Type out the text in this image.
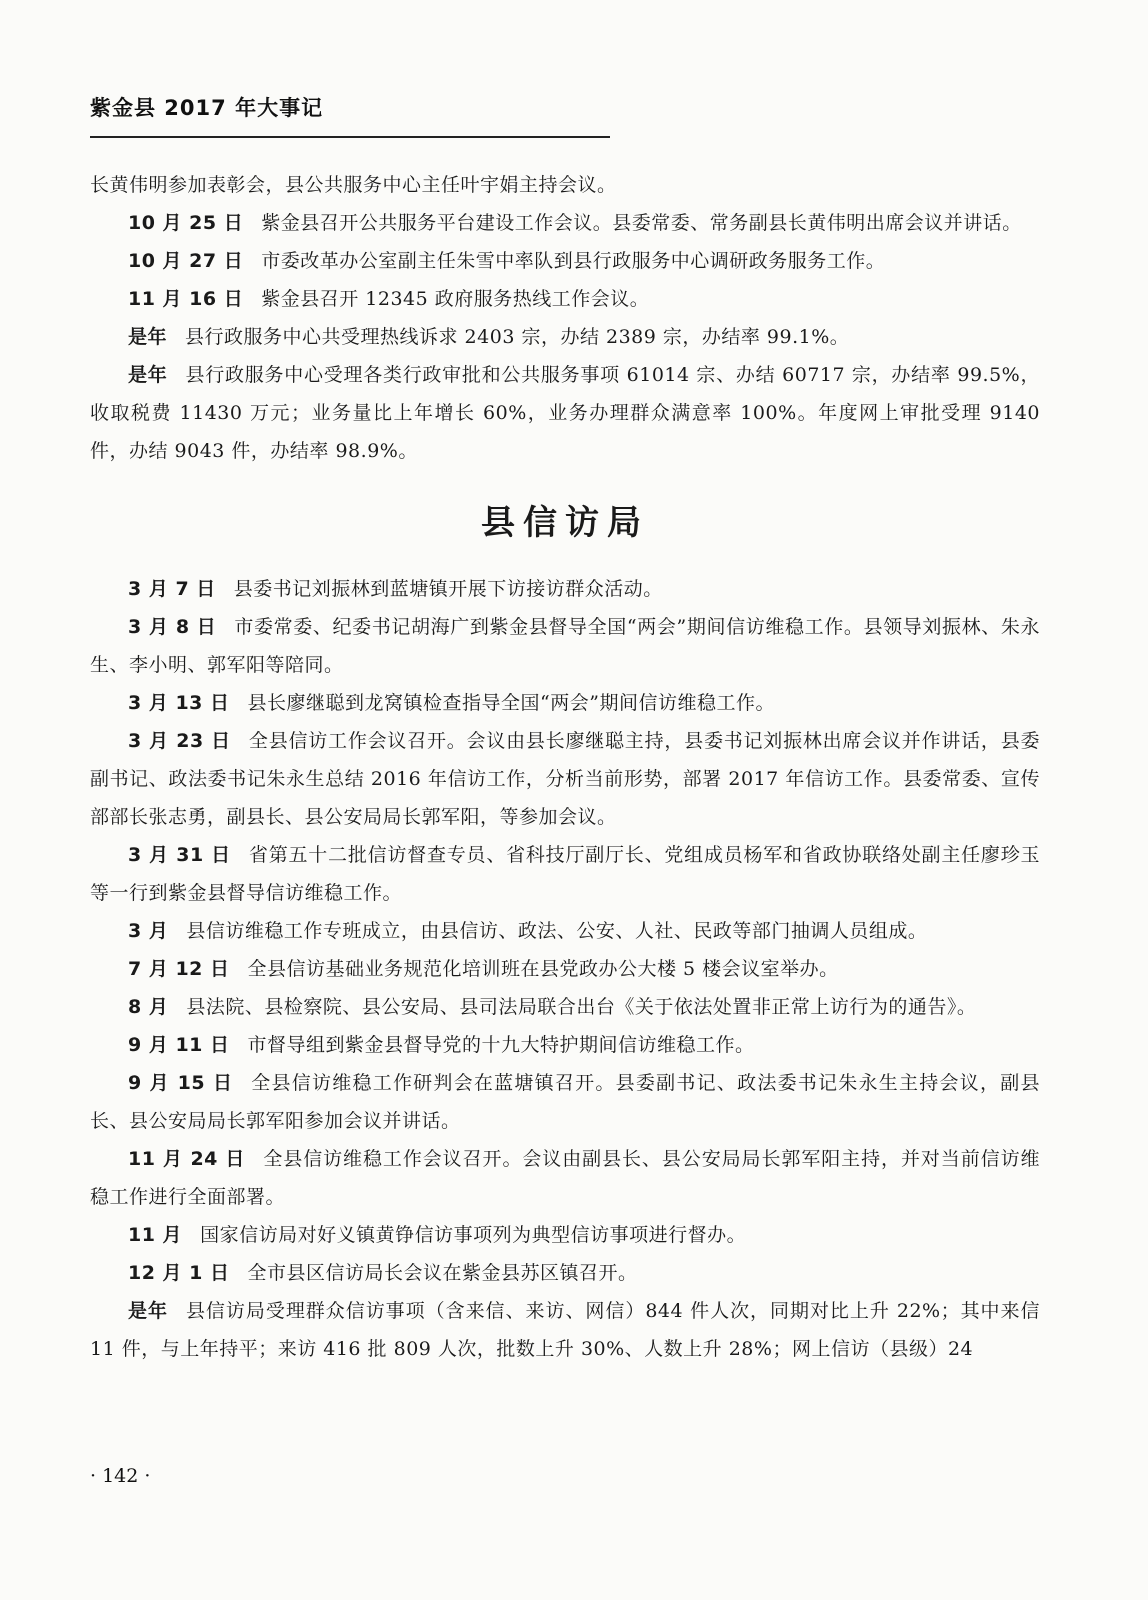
紫金县 2017 年大事记

长黄伟明参加表彰会，县公共服务中心主任叶宇娟主持会议。

10 月 25 日 紫金县召开公共服务平台建设工作会议。县委常委、常务副县长黄伟明出席会议并讲话。

10 月 27 日 市委改革办公室副主任朱雪中率队到县行政服务中心调研政务服务工作。

11 月 16 日 紫金县召开 12345 政府服务热线工作会议。

是年 县行政服务中心共受理热线诉求 2403 宗，办结 2389 宗，办结率 99.1%。

是年 县行政服务中心受理各类行政审批和公共服务事项 61014 宗、办结 60717 宗，办结率 99.5%，收取税费 11430 万元；业务量比上年增长 60%，业务办理群众满意率 100%。年度网上审批受理 9140 件，办结 9043 件，办结率 98.9%。

县信访局

3 月 7 日 县委书记刘振林到蓝塘镇开展下访接访群众活动。

3 月 8 日 市委常委、纪委书记胡海广到紫金县督导全国“两会”期间信访维稳工作。县领导刘振林、朱永生、李小明、郭军阳等陪同。

3 月 13 日 县长廖继聪到龙窝镇检查指导全国“两会”期间信访维稳工作。

3 月 23 日 全县信访工作会议召开。会议由县长廖继聪主持，县委书记刘振林出席会议并作讲话，县委副书记、政法委书记朱永生总结 2016 年信访工作，分析当前形势，部署 2017 年信访工作。县委常委、宣传部部长张志勇，副县长、县公安局局长郭军阳，等参加会议。

3 月 31 日 省第五十二批信访督查专员、省科技厅副厅长、党组成员杨军和省政协联络处副主任廖珍玉等一行到紫金县督导信访维稳工作。

3 月 县信访维稳工作专班成立，由县信访、政法、公安、人社、民政等部门抽调人员组成。

7 月 12 日 全县信访基础业务规范化培训班在县党政办公大楼 5 楼会议室举办。

8 月 县法院、县检察院、县公安局、县司法局联合出台《关于依法处置非正常上访行为的通告》。

9 月 11 日 市督导组到紫金县督导党的十九大特护期间信访维稳工作。

9 月 15 日 全县信访维稳工作研判会在蓝塘镇召开。县委副书记、政法委书记朱永生主持会议，副县长、县公安局局长郭军阳参加会议并讲话。

11 月 24 日 全县信访维稳工作会议召开。会议由副县长、县公安局局长郭军阳主持，并对当前信访维稳工作进行全面部署。

11 月 国家信访局对好义镇黄铮信访事项列为典型信访事项进行督办。

12 月 1 日 全市县区信访局长会议在紫金县苏区镇召开。

是年 县信访局受理群众信访事项（含来信、来访、网信）844 件人次，同期对比上升 22%；其中来信 11 件，与上年持平；来访 416 批 809 人次，批数上升 30%、人数上升 28%；网上信访（县级）24

· 142 ·
